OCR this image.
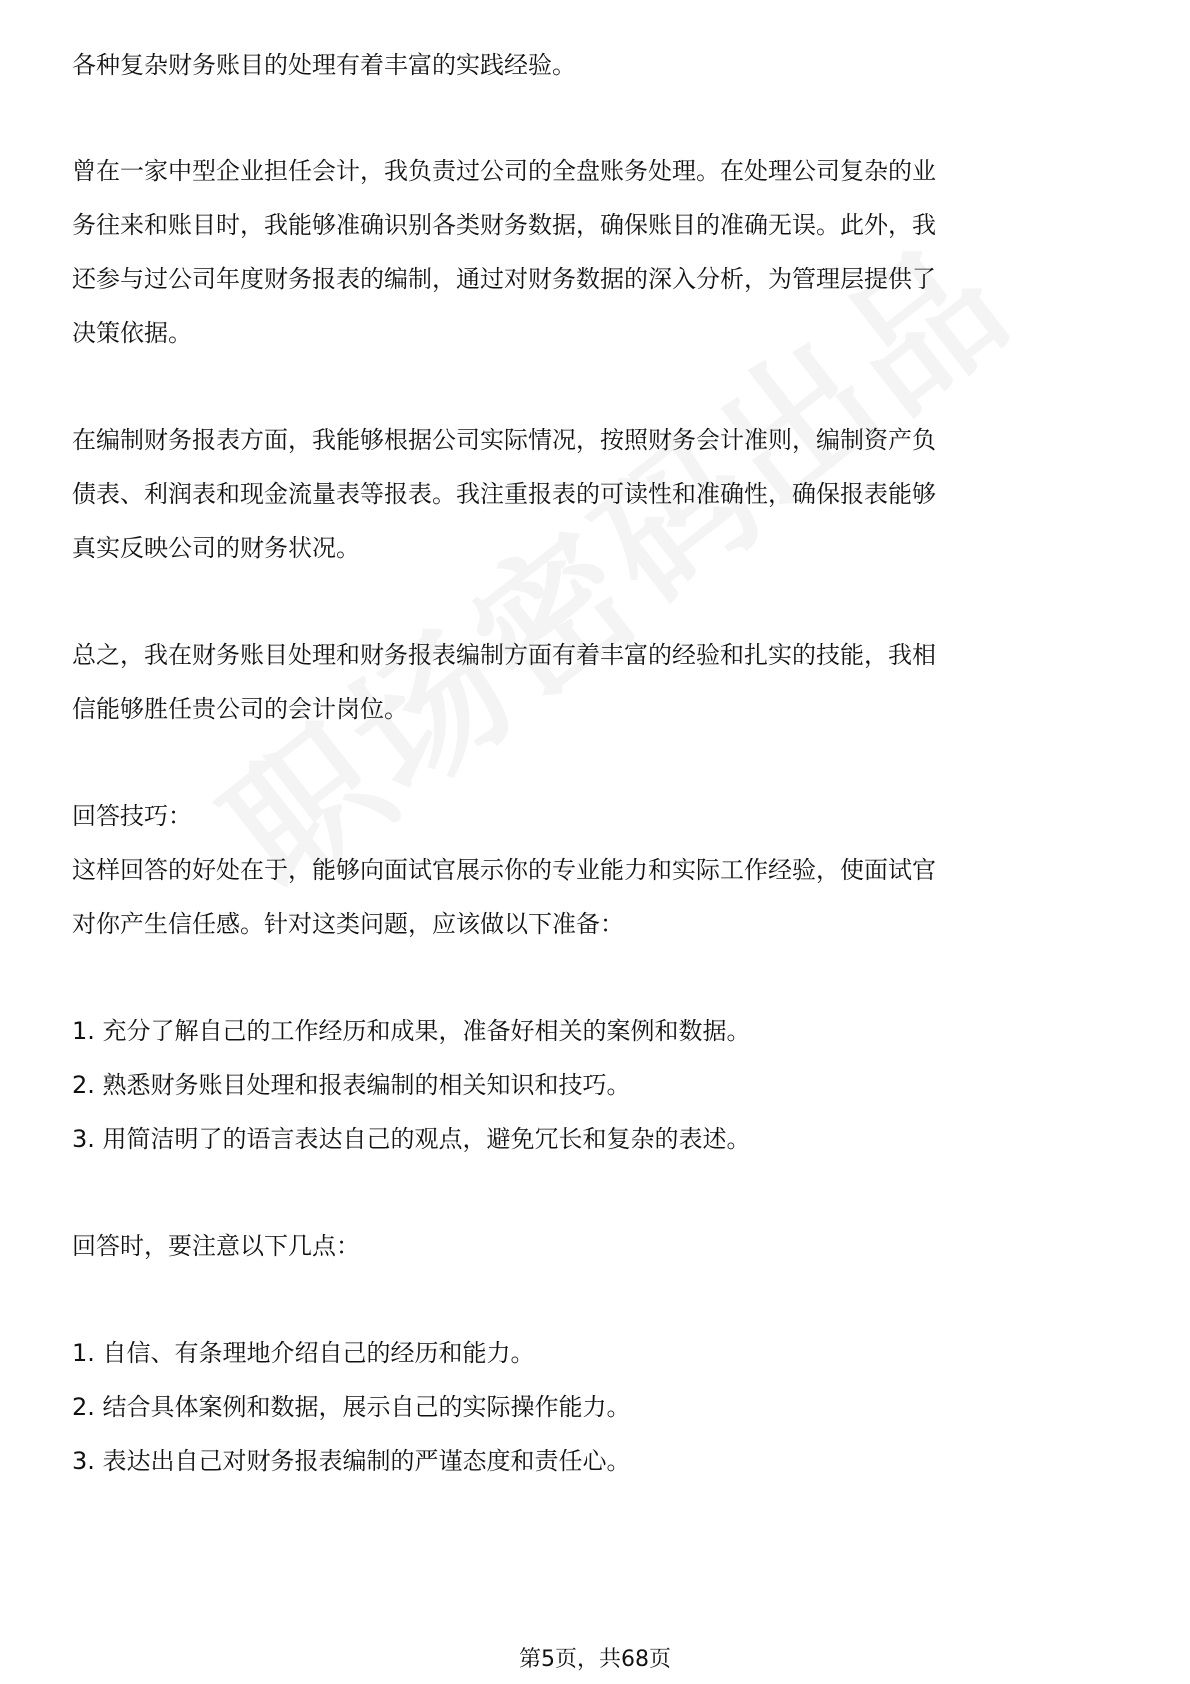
各种复杂财务账目的处理有着丰富的实践经验。
曾在一家中型企业担任会计，我负责过公司的全盘账务处理。在处理公司复杂的业
务往来和账目时，我能够准确识别各类财务数据，确保账目的准确无误。此外，我
还参与过公司年度财务报表的编制，通过对财务数据的深入分析，为管理层提供了
决策依据。
在编制财务报表方面，我能够根据公司实际情况，按照财务会计准则，编制资产负
债表、利润表和现金流量表等报表。我注重报表的可读性和准确性，确保报表能够
真实反映公司的财务状况。
总之，我在财务账目处理和财务报表编制方面有着丰富的经验和扎实的技能，我相
信能够胜任贵公司的会计岗位。
回答技巧：
这样回答的好处在于，能够向面试官展示你的专业能力和实际工作经验，使面试官
对你产生信任感。针对这类问题，应该做以下准备：
1. 充分了解自己的工作经历和成果，准备好相关的案例和数据。
2. 熟悉财务账目处理和报表编制的相关知识和技巧。
3. 用简洁明了的语言表达自己的观点，避免冗长和复杂的表述。
回答时，要注意以下几点：
1. 自信、有条理地介绍自己的经历和能力。
2. 结合具体案例和数据，展示自己的实际操作能力。
3. 表达出自己对财务报表编制的严谨态度和责任心。
第5页，共68页
